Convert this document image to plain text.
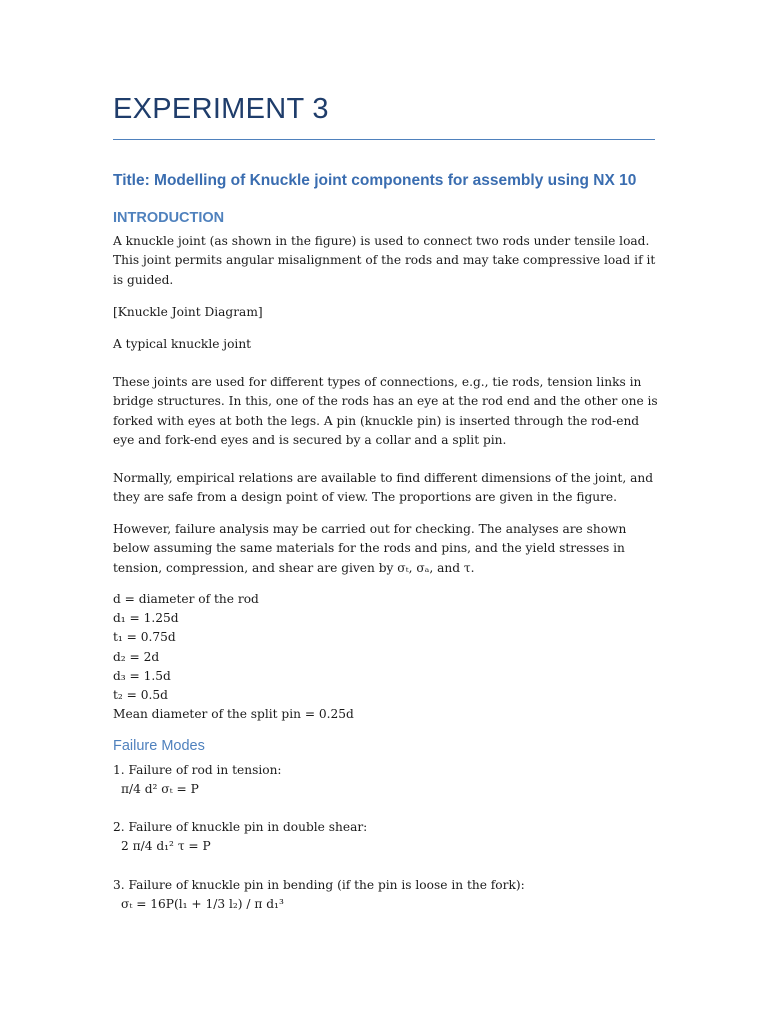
EXPERIMENT 3
Title: Modelling of Knuckle joint components for assembly using NX 10
INTRODUCTION

A knuckle joint (as shown in the figure) is used to connect two rods under tensile load. This joint permits angular misalignment of the rods and may take compressive load if it is guided.

[Knuckle Joint Diagram]

A typical knuckle joint

These joints are used for different types of connections, e.g., tie rods, tension links in bridge structures. In this, one of the rods has an eye at the rod end and the other one is forked with eyes at both the legs. A pin (knuckle pin) is inserted through the rod-end eye and fork-end eyes and is secured by a collar and a split pin.

Normally, empirical relations are available to find different dimensions of the joint, and they are safe from a design point of view. The proportions are given in the figure.

However, failure analysis may be carried out for checking. The analyses are shown below assuming the same materials for the rods and pins, and the yield stresses in tension, compression, and shear are given by σₜ, σₐ, and τ.

d = diameter of the rod
d₁ = 1.25d
t₁ = 0.75d
d₂ = 2d
d₃ = 1.5d
t₂ = 0.5d
Mean diameter of the split pin = 0.25d
Failure Modes
1. Failure of rod in tension:
π/4 d² σₜ = P
2. Failure of knuckle pin in double shear:
2 π/4 d₁² τ = P
3. Failure of knuckle pin in bending (if the pin is loose in the fork):
σₜ = 16P(l₁ + 1/3 l₂) / π d₁³
